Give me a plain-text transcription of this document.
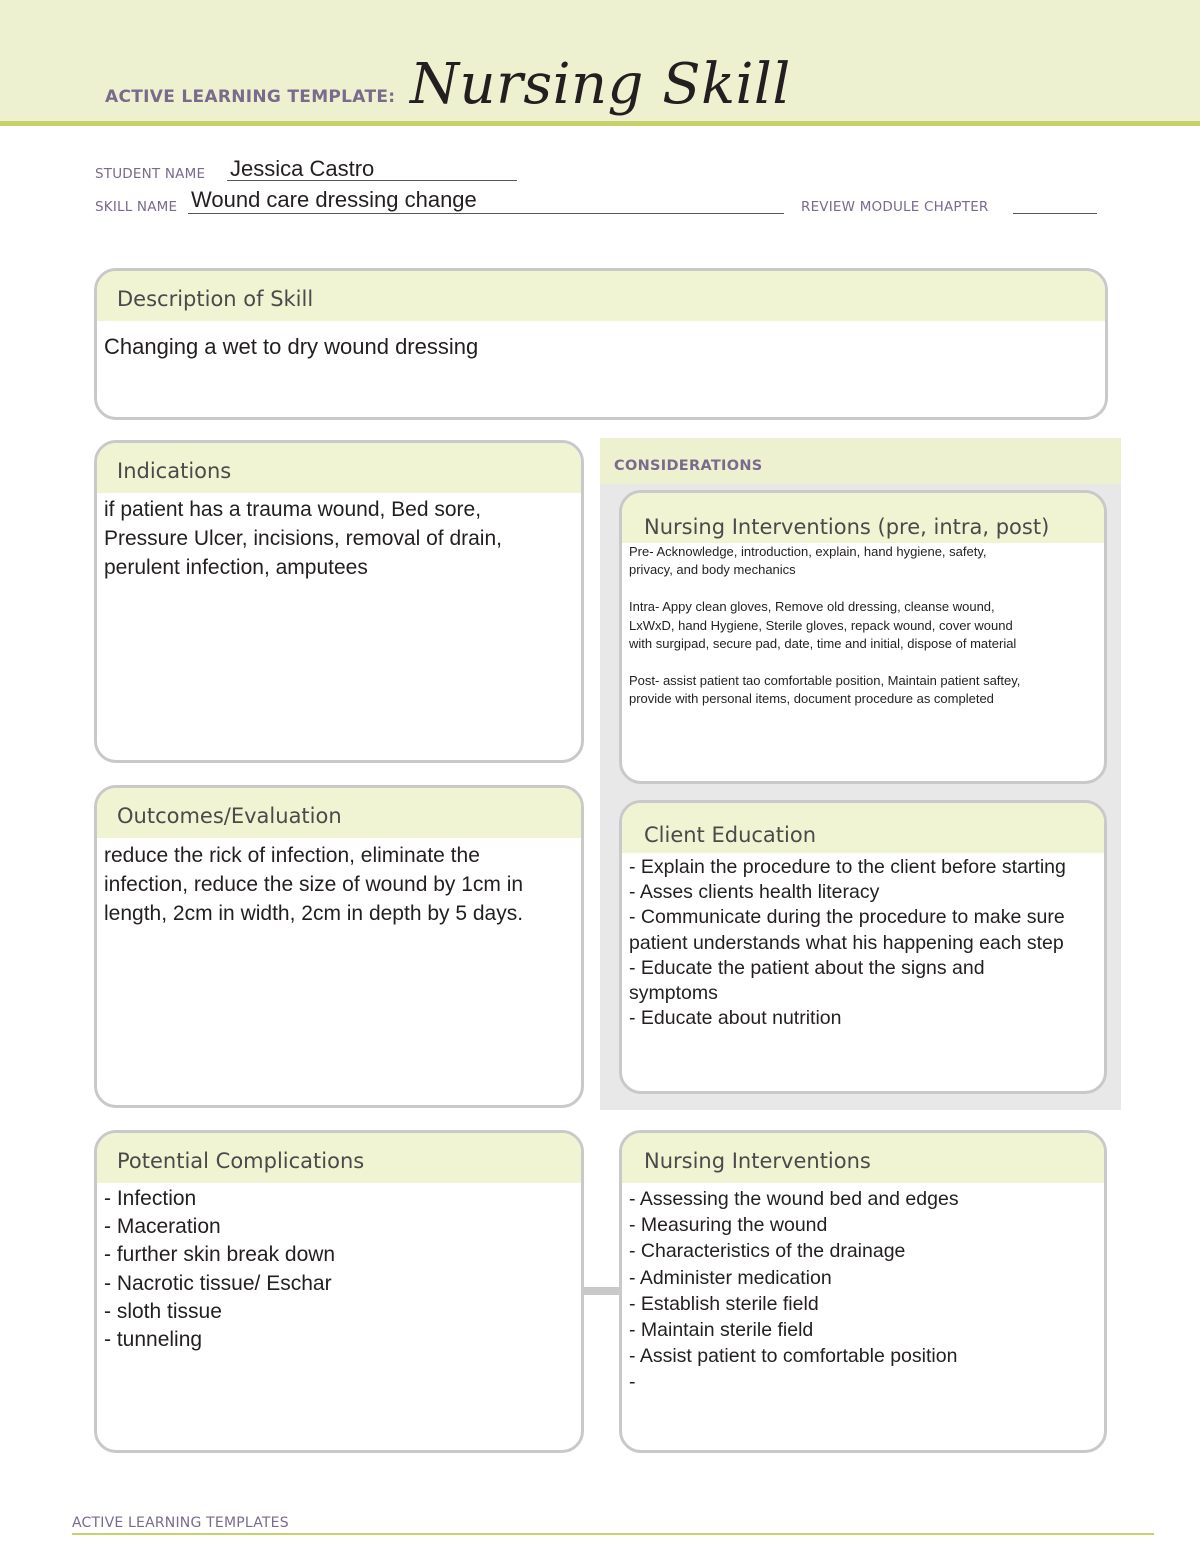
ACTIVE LEARNING TEMPLATE: Nursing Skill
STUDENT NAME Jessica Castro
SKILL NAME Wound care dressing change	REVIEW MODULE CHAPTER
Description of Skill
Changing a wet to dry wound dressing
Indications
if patient has a trauma wound, Bed sore,
Pressure Ulcer, incisions, removal of drain,
perulent infection, amputees
CONSIDERATIONS
Nursing Interventions (pre, intra, post)
Pre- Acknowledge, introduction, explain, hand hygiene, safety,
privacy, and body mechanics
Intra- Appy clean gloves, Remove old dressing, cleanse wound,
LxWxD, hand Hygiene, Sterile gloves, repack wound, cover wound
with surgipad, secure pad, date, time and initial, dispose of material
Post- assist patient tao comfortable position, Maintain patient saftey,
provide with personal items, document procedure as completed
Outcomes/Evaluation
reduce the rick of infection, eliminate the
infection, reduce the size of wound by 1cm in
length, 2cm in width, 2cm in depth by 5 days.
Client Education
- Explain the procedure to the client before starting
- Asses clients health literacy
- Communicate during the procedure to make sure
patient understands what his happening each step
- Educate the patient about the signs and
symptoms
- Educate about nutrition
Potential Complications
- Infection
- Maceration
- further skin break down
- Nacrotic tissue/ Eschar
- sloth tissue
- tunneling
Nursing Interventions
- Assessing the wound bed and edges
- Measuring the wound
- Characteristics of the drainage
- Administer medication
- Establish sterile field
- Maintain sterile field
- Assist patient to comfortable position
-
ACTIVE LEARNING TEMPLATES
